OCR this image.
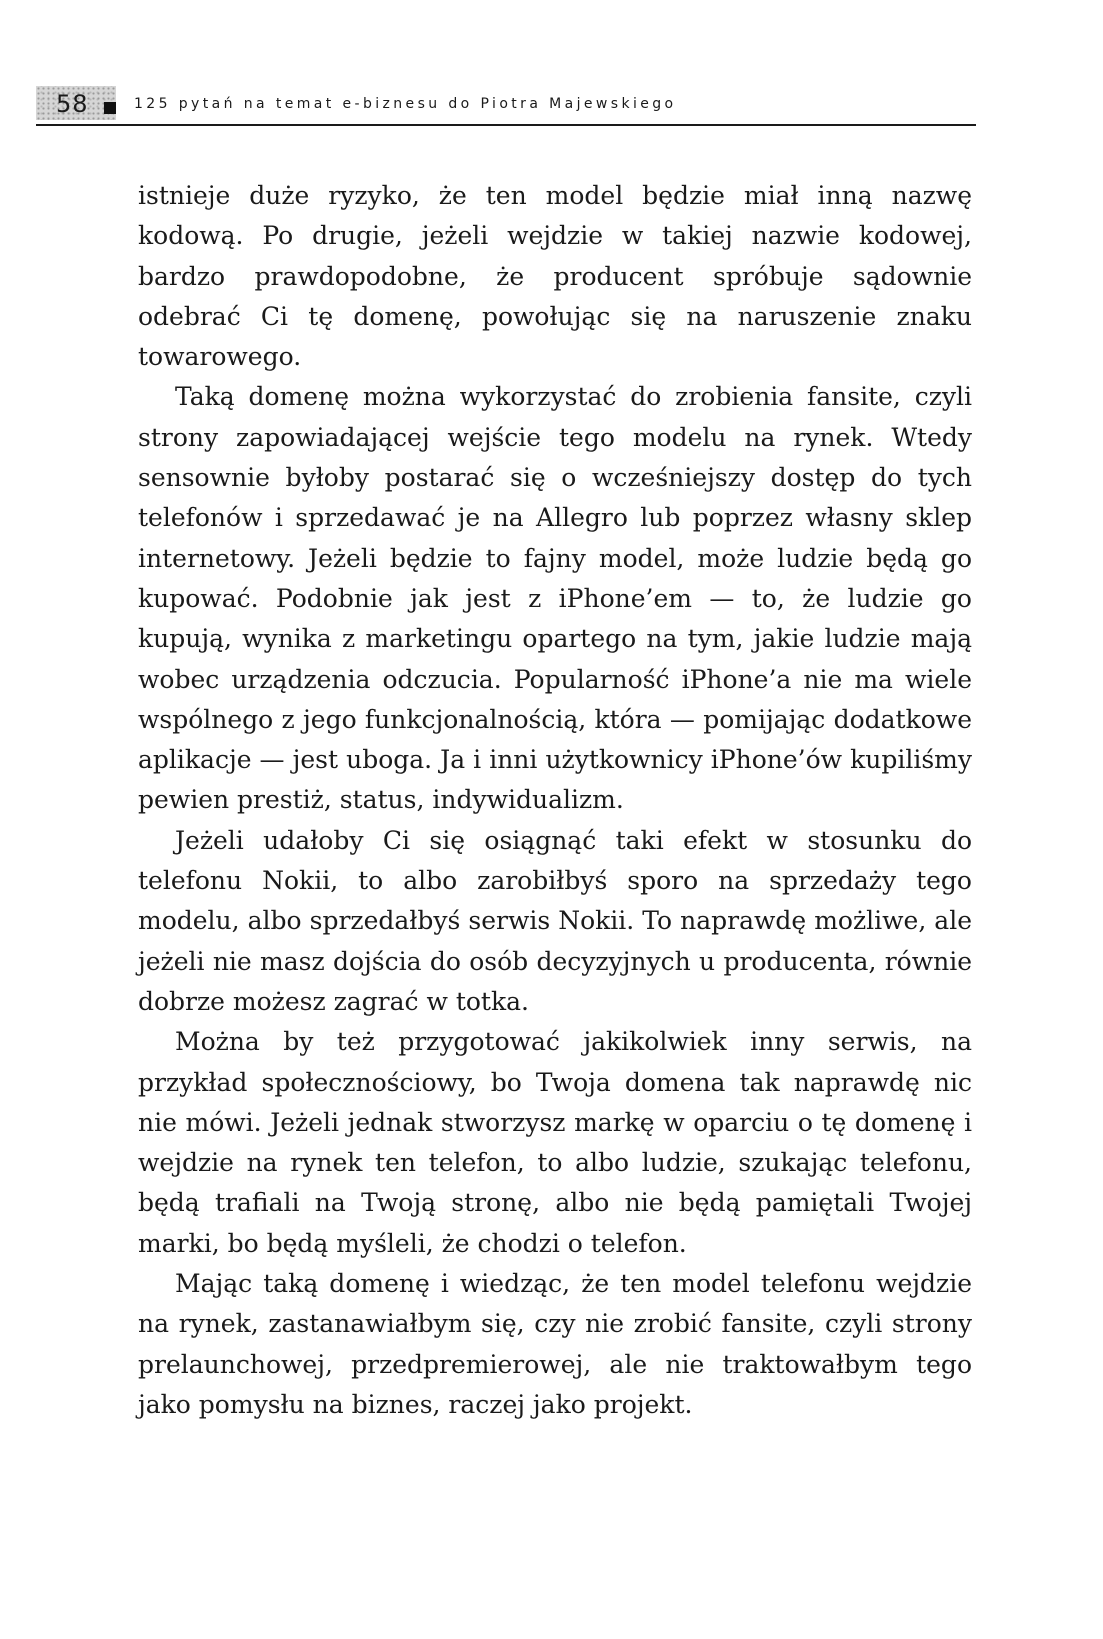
58	125 pytań na temat e-biznesu do Piotra Majewskiego

istnieje duże ryzyko, że ten model będzie miał inną nazwę kodową. Po drugie, jeżeli wejdzie w takiej nazwie kodowej, bardzo prawdopodobne, że producent spróbuje sądownie odebrać Ci tę domenę, powołując się na naruszenie znaku towarowego.

Taką domenę można wykorzystać do zrobienia fansite, czyli strony zapowiadającej wejście tego modelu na rynek. Wtedy sensownie byłoby postarać się o wcześniejszy dostęp do tych telefonów i sprzedawać je na Allegro lub poprzez własny sklep internetowy. Jeżeli będzie to fajny model, może ludzie będą go kupować. Podobnie jak jest z iPhone’em — to, że ludzie go kupują, wynika z marketingu opartego na tym, jakie ludzie mają wobec urządzenia odczucia. Popularność iPhone’a nie ma wiele wspólnego z jego funkcjonalnością, która — pomijając dodatkowe aplikacje — jest uboga. Ja i inni użytkownicy iPhone’ów kupiliśmy pewien prestiż, status, indywidualizm.

Jeżeli udałoby Ci się osiągnąć taki efekt w stosunku do telefonu Nokii, to albo zarobiłbyś sporo na sprzedaży tego modelu, albo sprzedałbyś serwis Nokii. To naprawdę możliwe, ale jeżeli nie masz dojścia do osób decyzyjnych u producenta, równie dobrze możesz zagrać w totka.

Można by też przygotować jakikolwiek inny serwis, na przykład społecznościowy, bo Twoja domena tak naprawdę nic nie mówi. Jeżeli jednak stworzysz markę w oparciu o tę domenę i wejdzie na rynek ten telefon, to albo ludzie, szukając telefonu, będą trafiali na Twoją stronę, albo nie będą pamiętali Twojej marki, bo będą myśleli, że chodzi o telefon.

Mając taką domenę i wiedząc, że ten model telefonu wejdzie na rynek, zastanawiałbym się, czy nie zrobić fansite, czyli strony prelaunchowej, przedpremierowej, ale nie traktowałbym tego jako pomysłu na biznes, raczej jako projekt.
